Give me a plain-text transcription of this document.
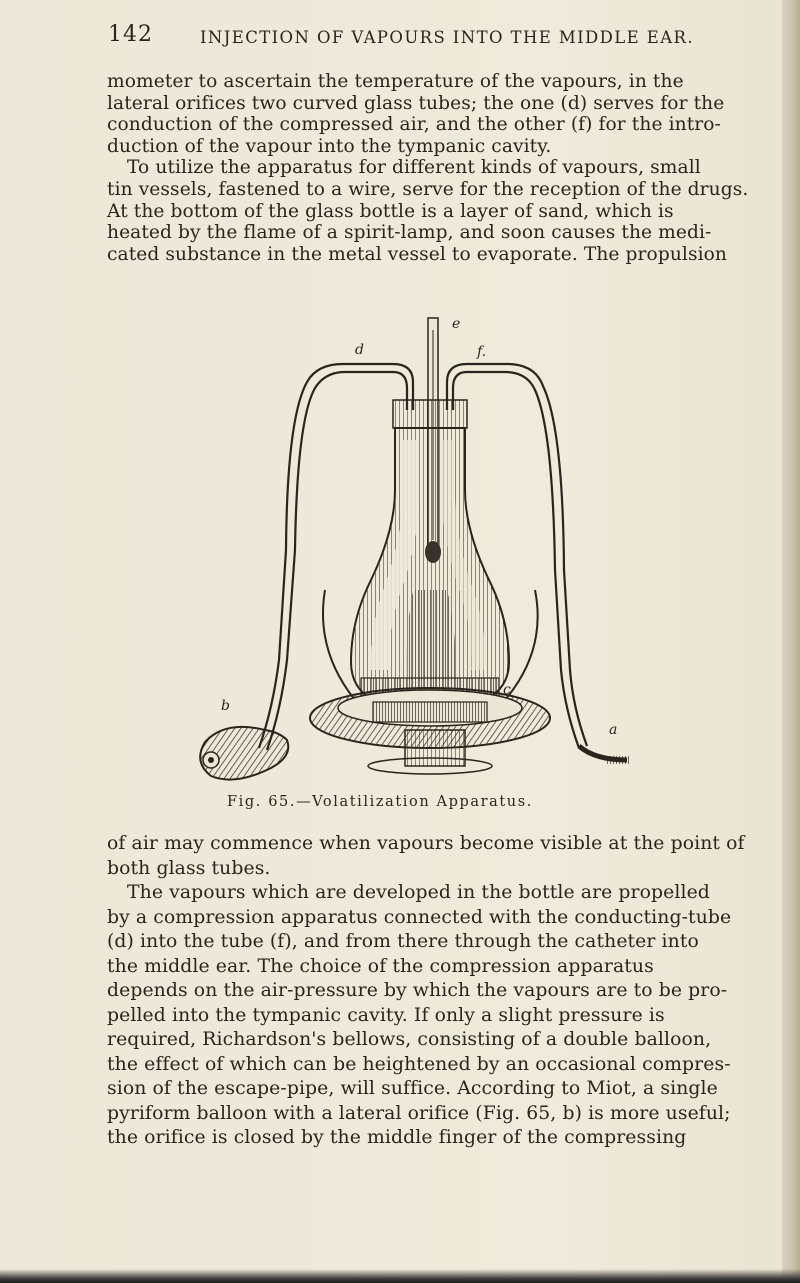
142	INJECTION OF VAPOURS INTO THE MIDDLE EAR.
mometer to ascertain the temperature of the vapours, in the
lateral orifices two curved glass tubes; the one (d) serves for the
conduction of the compressed air, and the other (f) for the intro-
duction of the vapour into the tympanic cavity.
To utilize the apparatus for different kinds of vapours, small
tin vessels, fastened to a wire, serve for the reception of the drugs.
At the bottom of the glass bottle is a layer of sand, which is
heated by the flame of a spirit-lamp, and soon causes the medi-
cated substance in the metal vessel to evaporate. The propulsion
d
e
f.
b
c
a
Fig. 65.—Volatilization Apparatus.
of air may commence when vapours become visible at the point of
both glass tubes.
The vapours which are developed in the bottle are propelled
by a compression apparatus connected with the conducting-tube
(d) into the tube (f), and from there through the catheter into
the middle ear. The choice of the compression apparatus
depends on the air-pressure by which the vapours are to be pro-
pelled into the tympanic cavity. If only a slight pressure is
required, Richardson's bellows, consisting of a double balloon,
the effect of which can be heightened by an occasional compres-
sion of the escape-pipe, will suffice. According to Miot, a single
pyriform balloon with a lateral orifice (Fig. 65, b) is more useful;
the orifice is closed by the middle finger of the compressing
